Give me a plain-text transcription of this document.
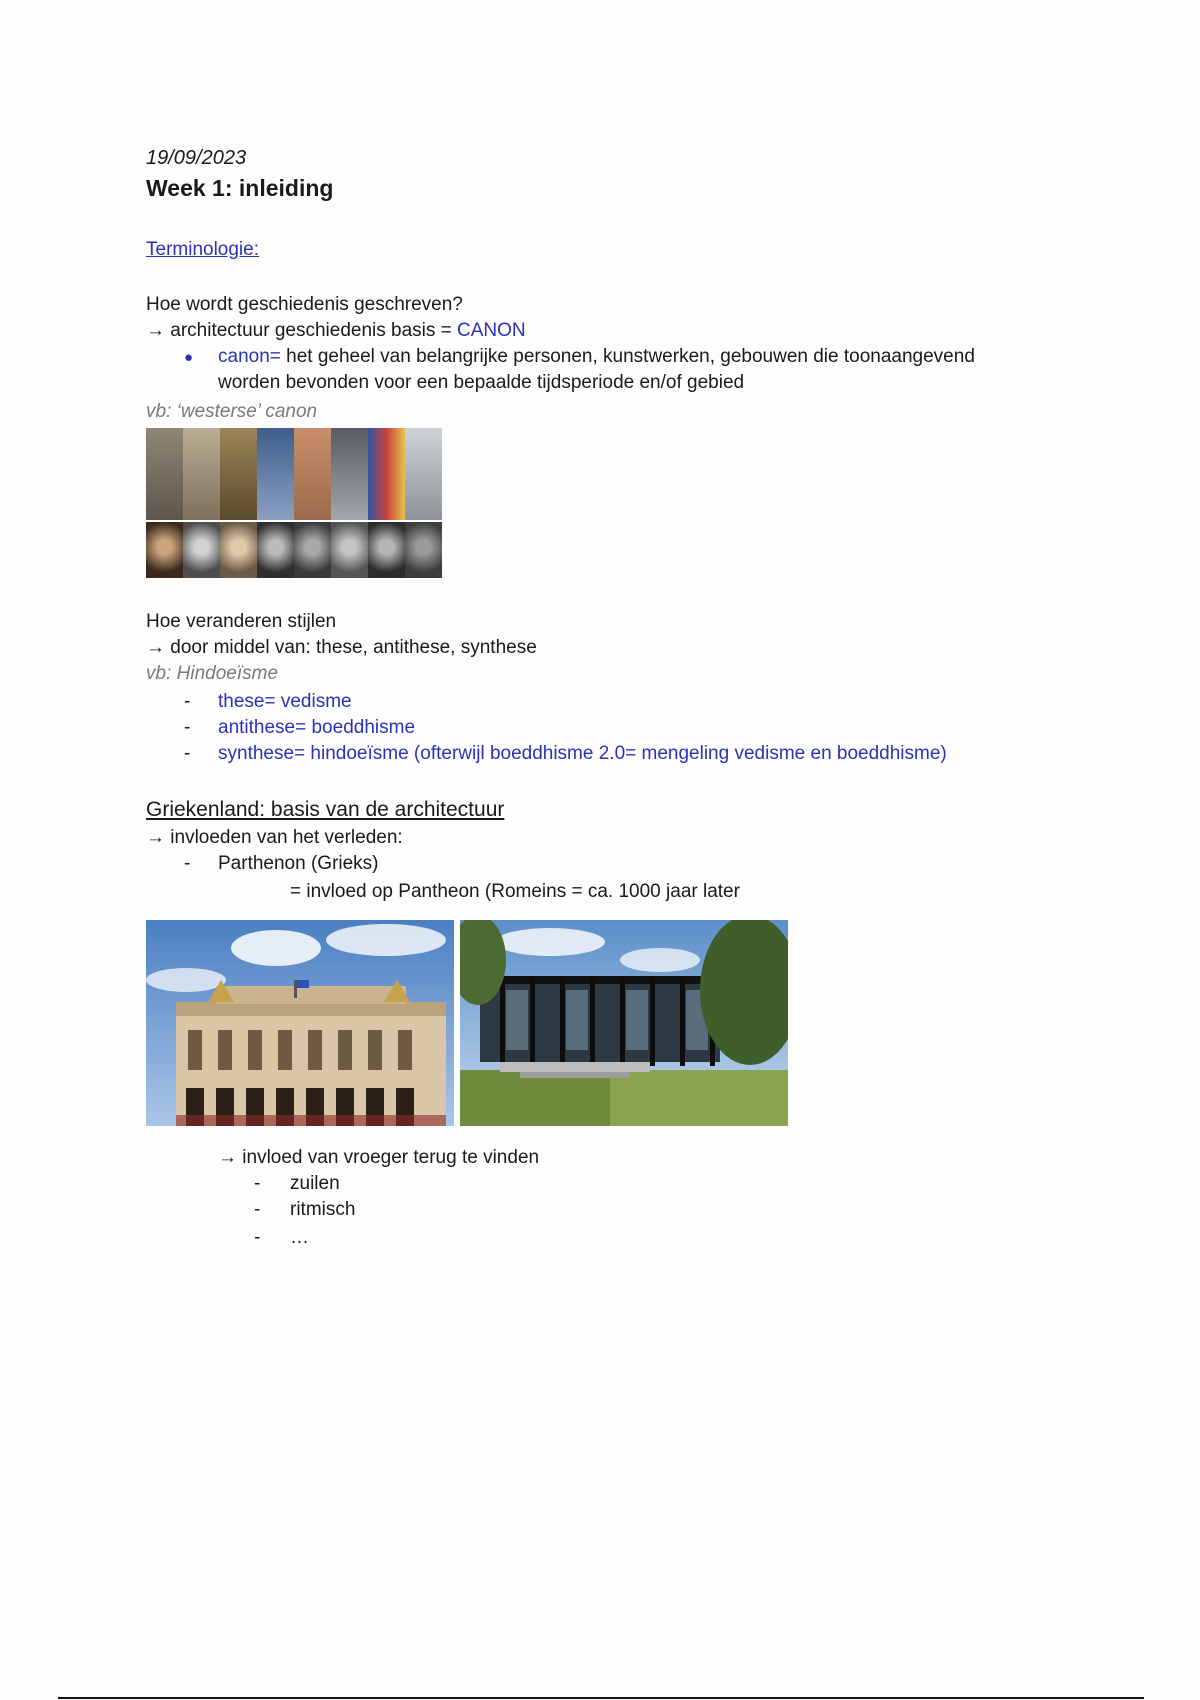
19/09/2023
Week 1: inleiding
Terminologie:
Hoe wordt geschiedenis geschreven?
→ architectuur geschiedenis basis = CANON
● canon= het geheel van belangrijke personen, kunstwerken, gebouwen die toonaangevend
worden bevonden voor een bepaalde tijdsperiode en/of gebied
vb: ‘westerse’ canon
Hoe veranderen stijlen
→ door middel van: these, antithese, synthese
vb: Hindoeïsme
- these= vedisme
- antithese= boeddhisme
- synthese= hindoeïsme (ofterwijl boeddhisme 2.0= mengeling vedisme en boeddhisme)
Griekenland: basis van de architectuur
→ invloeden van het verleden:
- Parthenon (Grieks)
= invloed op Pantheon (Romeins = ca. 1000 jaar later
→ invloed van vroeger terug te vinden
- zuilen
- ritmisch
- …
